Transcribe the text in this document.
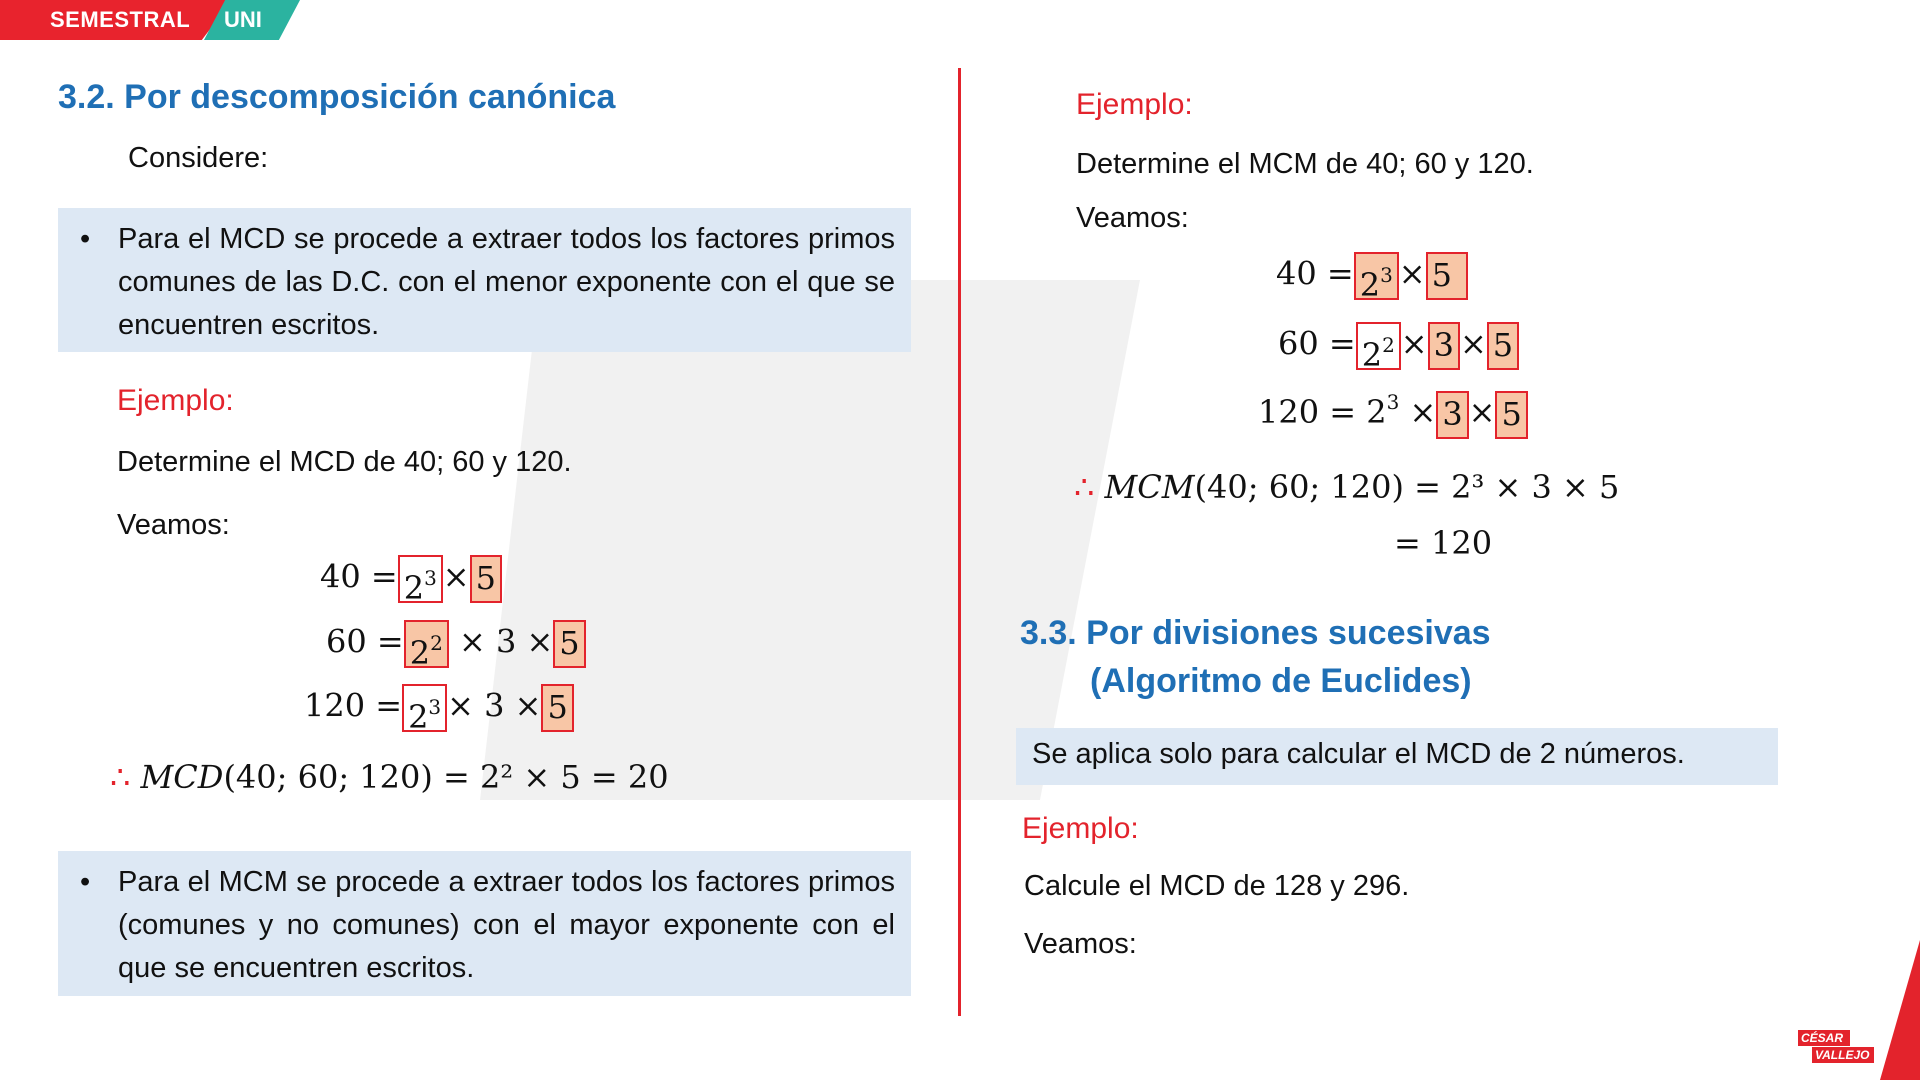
SEMESTRAL UNI
3.2. Por descomposición canónica
Considere:
• Para el MCD se procede a extraer todos los factores primos comunes de las D.C. con el menor exponente con el que se encuentren escritos.
Ejemplo:
Determine el MCD de 40; 60 y 120.
Veamos:
$40 = 2^3 \times 5$
$60 = 2^2 \times 3 \times 5$
$120 = 2^3 \times 3 \times 5$
∴ MCD(40; 60; 120) = 2² × 5 = 20
• Para el MCM se procede a extraer todos los factores primos (comunes y no comunes) con el mayor exponente con el que se encuentren escritos.
Ejemplo:
Determine el MCM de 40; 60 y 120.
Veamos:
$40 = 2^3 \times 5$
$60 = 2^2 \times 3 \times 5$
$120 = 2^3 \times 3 \times 5$
∴ MCM(40; 60; 120) = 2³ × 3 × 5
= 120
3.3. Por divisiones sucesivas
(Algoritmo de Euclides)
Se aplica solo para calcular el MCD de 2 números.
Ejemplo:
Calcule el MCD de 128 y 296.
Veamos:
CÉSAR
VALLEJO
